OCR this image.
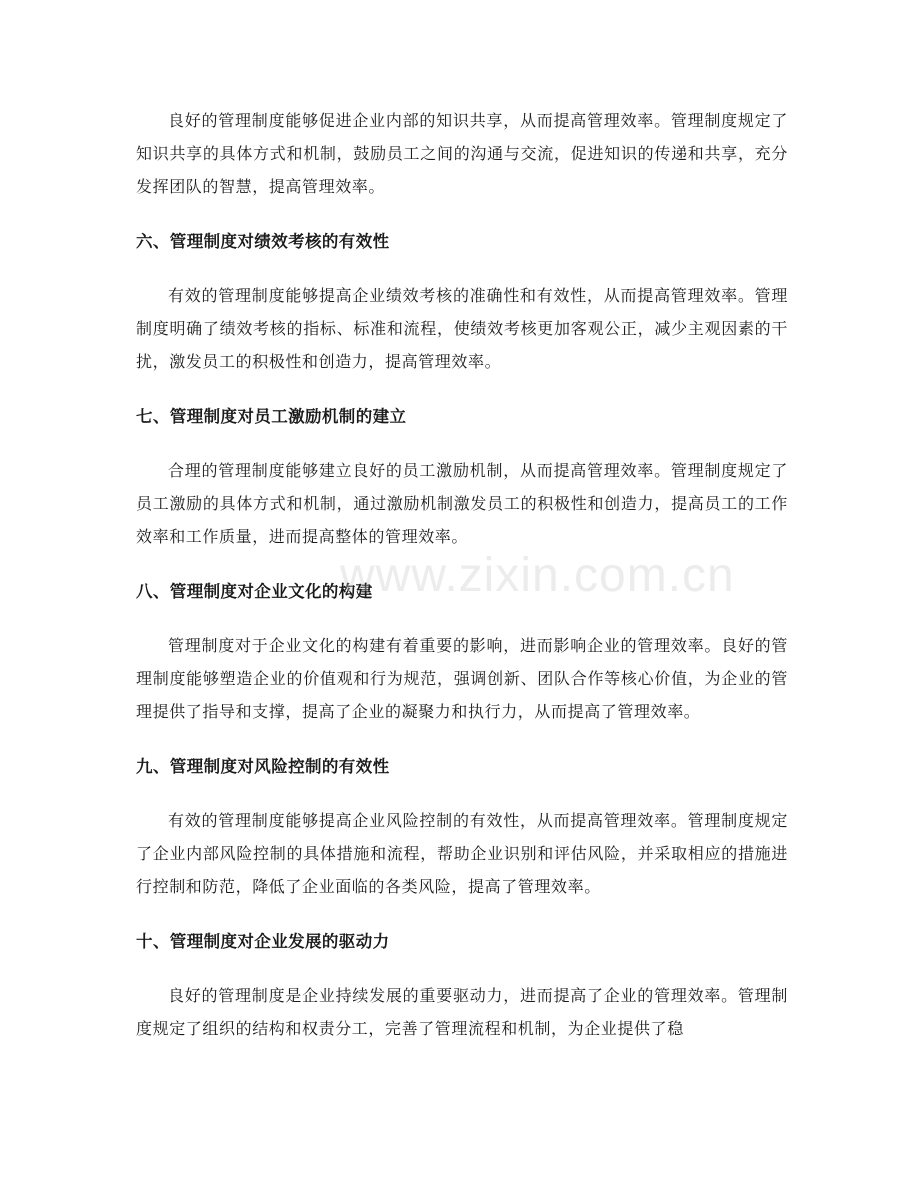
良好的管理制度能够促进企业内部的知识共享，从而提高管理效率。管理制度规定了知识共享的具体方式和机制，鼓励员工之间的沟通与交流，促进知识的传递和共享，充分发挥团队的智慧，提高管理效率。

六、管理制度对绩效考核的有效性

有效的管理制度能够提高企业绩效考核的准确性和有效性，从而提高管理效率。管理制度明确了绩效考核的指标、标准和流程，使绩效考核更加客观公正，减少主观因素的干扰，激发员工的积极性和创造力，提高管理效率。

七、管理制度对员工激励机制的建立

合理的管理制度能够建立良好的员工激励机制，从而提高管理效率。管理制度规定了员工激励的具体方式和机制，通过激励机制激发员工的积极性和创造力，提高员工的工作效率和工作质量，进而提高整体的管理效率。

八、管理制度对企业文化的构建

管理制度对于企业文化的构建有着重要的影响，进而影响企业的管理效率。良好的管理制度能够塑造企业的价值观和行为规范，强调创新、团队合作等核心价值，为企业的管理提供了指导和支撑，提高了企业的凝聚力和执行力，从而提高了管理效率。

九、管理制度对风险控制的有效性

有效的管理制度能够提高企业风险控制的有效性，从而提高管理效率。管理制度规定了企业内部风险控制的具体措施和流程，帮助企业识别和评估风险，并采取相应的措施进行控制和防范，降低了企业面临的各类风险，提高了管理效率。

十、管理制度对企业发展的驱动力

良好的管理制度是企业持续发展的重要驱动力，进而提高了企业的管理效率。管理制度规定了组织的结构和权责分工，完善了管理流程和机制，为企业提供了稳

www.zixin.com.cn
